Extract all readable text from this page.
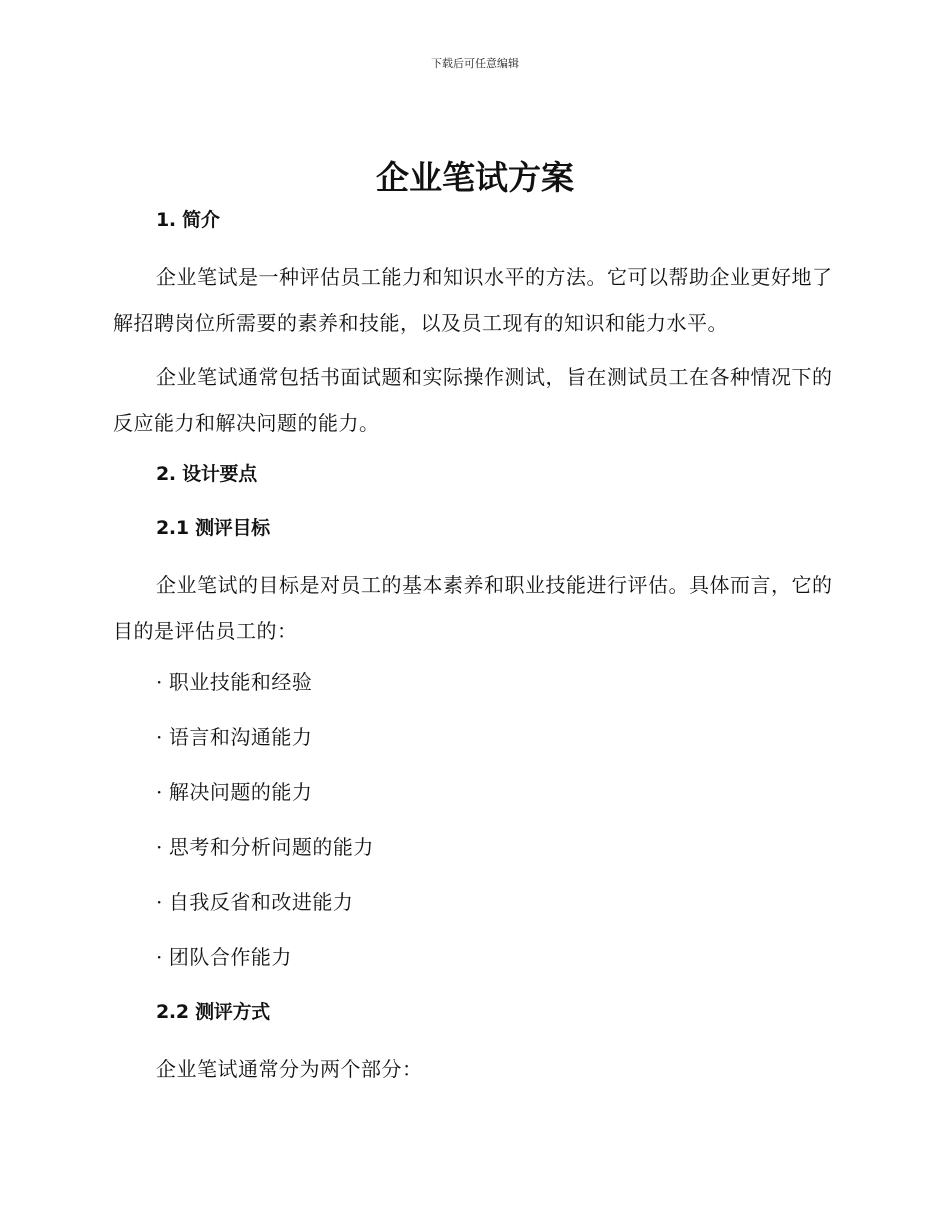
下载后可任意编辑
企业笔试方案
1. 简介

企业笔试是一种评估员工能力和知识水平的方法。它可以帮助企业更好地了解招聘岗位所需要的素养和技能，以及员工现有的知识和能力水平。

企业笔试通常包括书面试题和实际操作测试，旨在测试员工在各种情况下的反应能力和解决问题的能力。

2. 设计要点
2.1 测评目标

企业笔试的目标是对员工的基本素养和职业技能进行评估。具体而言，它的目的是评估员工的：

· 职业技能和经验
· 语言和沟通能力
· 解决问题的能力
· 思考和分析问题的能力
· 自我反省和改进能力
· 团队合作能力
2.2 测评方式

企业笔试通常分为两个部分：
